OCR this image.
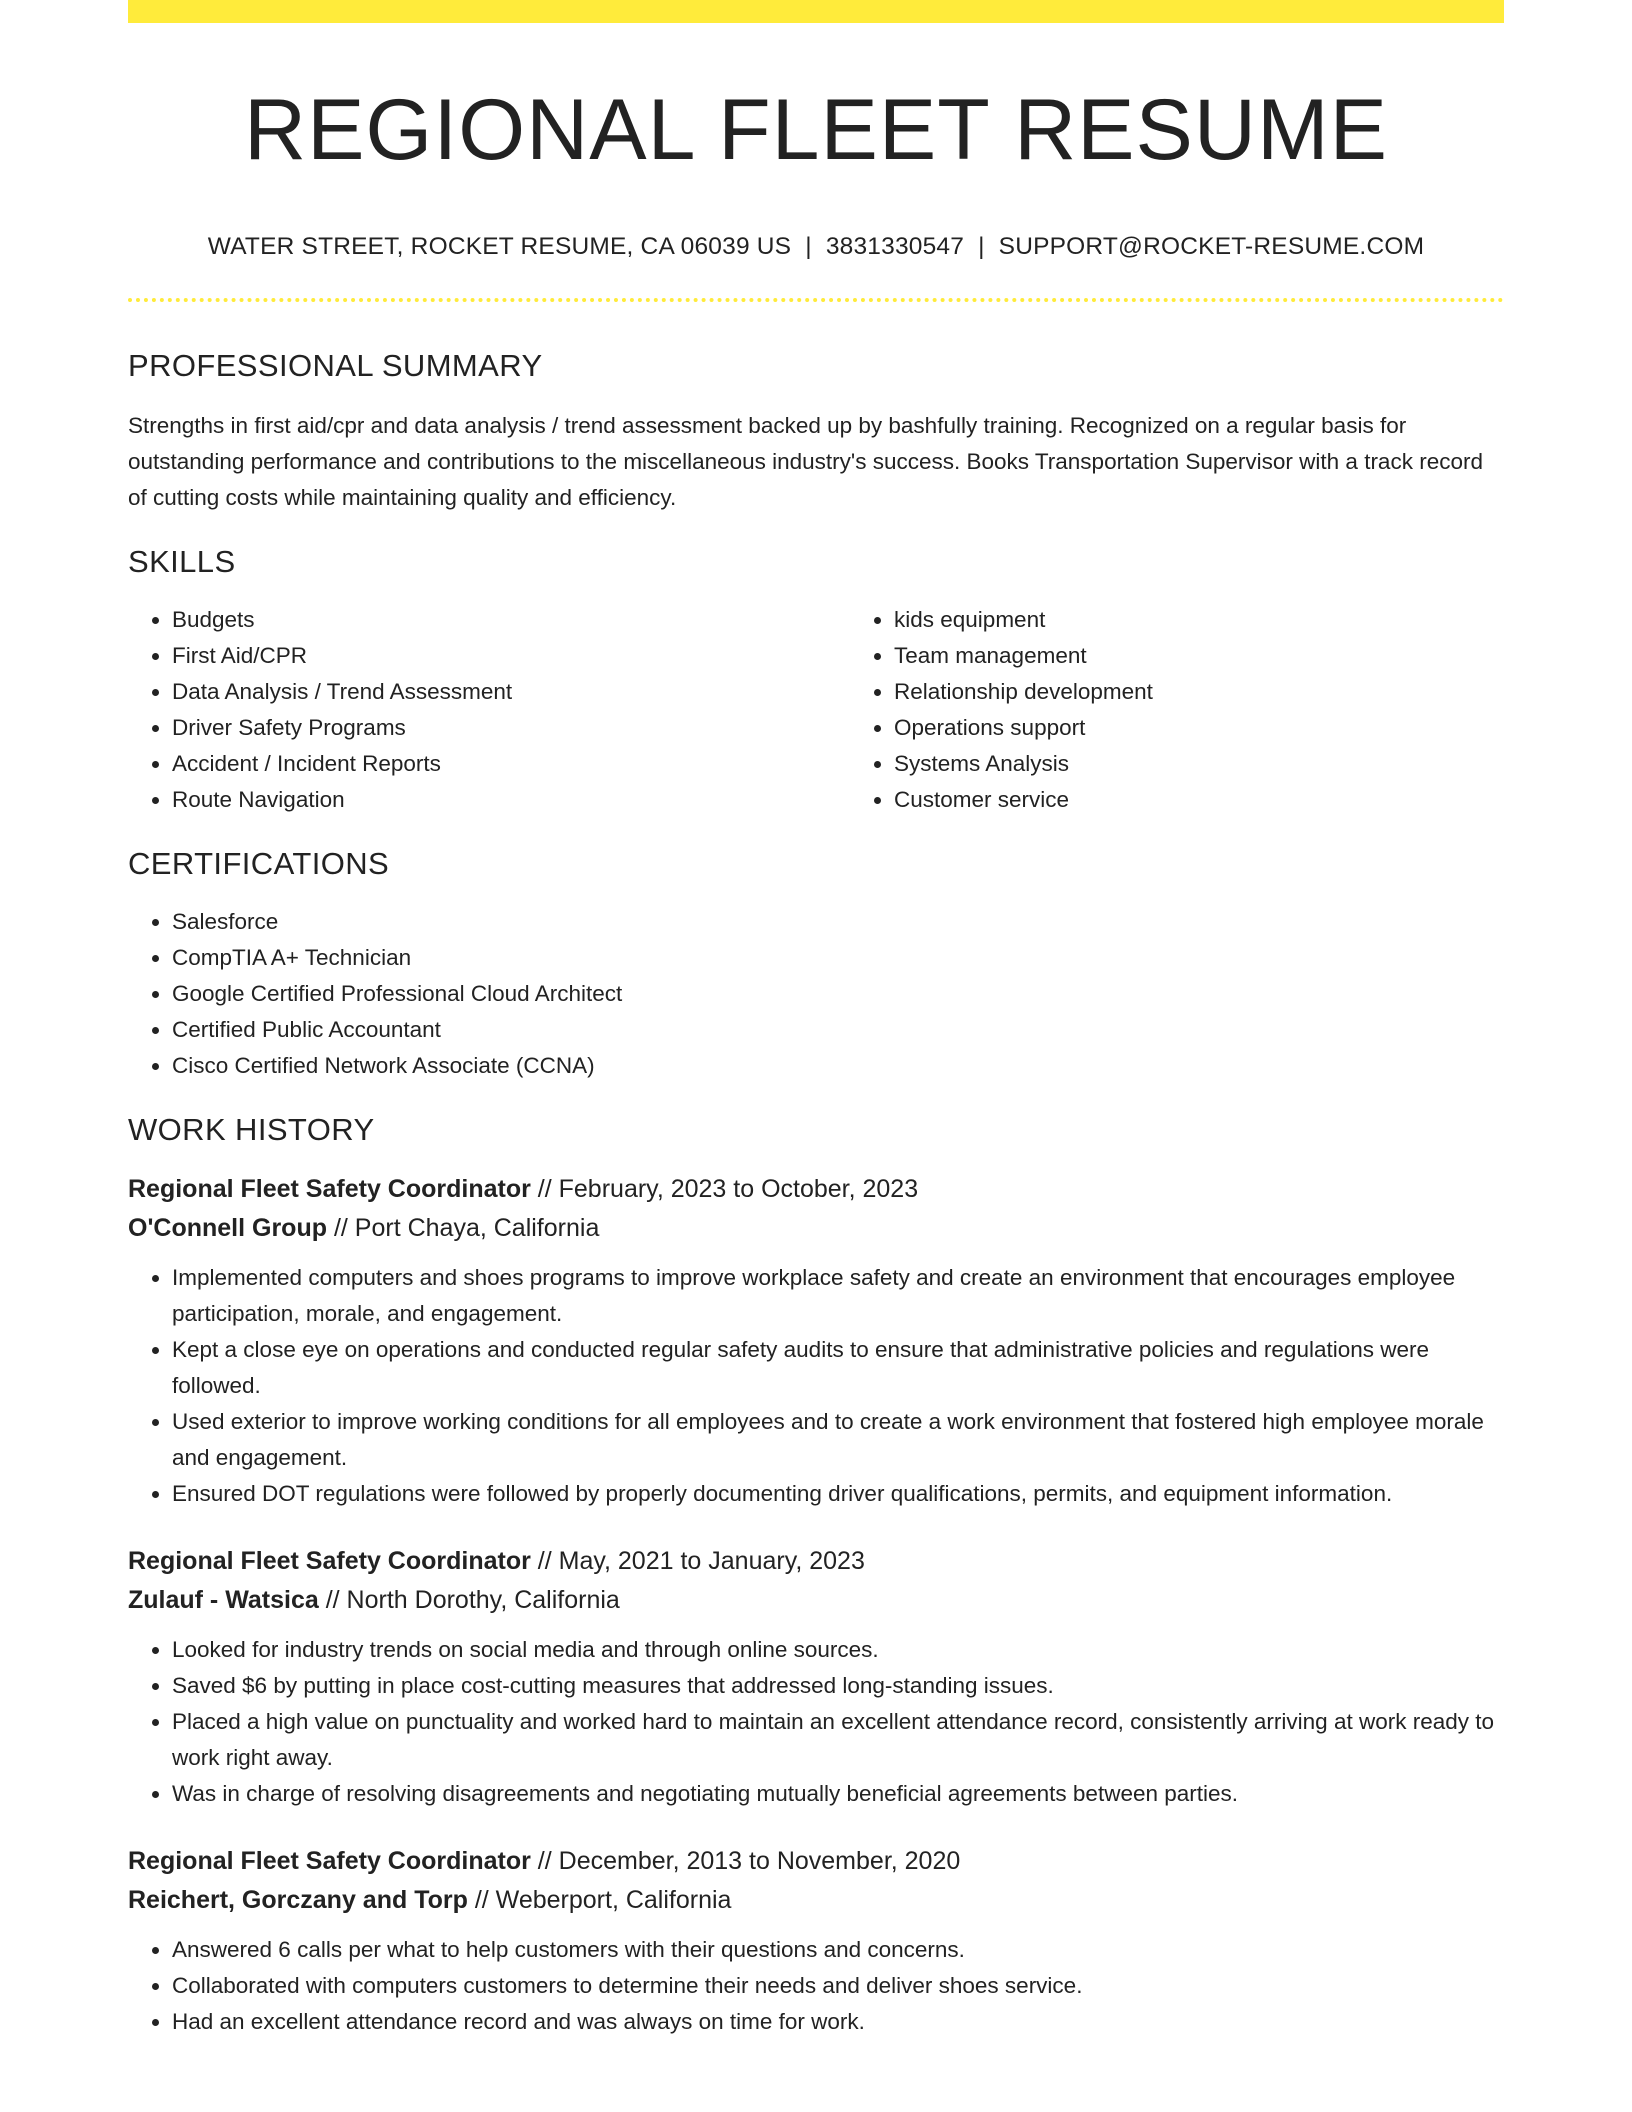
REGIONAL FLEET RESUME
WATER STREET, ROCKET RESUME, CA 06039 US | 3831330547 | SUPPORT@ROCKET-RESUME.COM
PROFESSIONAL SUMMARY

Strengths in first aid/cpr and data analysis / trend assessment backed up by bashfully training. Recognized on a regular basis for outstanding performance and contributions to the miscellaneous industry's success. Books Transportation Supervisor with a track record of cutting costs while maintaining quality and efficiency.

SKILLS
• Budgets
• First Aid/CPR
• Data Analysis / Trend Assessment
• Driver Safety Programs
• Accident / Incident Reports
• Route Navigation
• kids equipment
• Team management
• Relationship development
• Operations support
• Systems Analysis
• Customer service
CERTIFICATIONS
• Salesforce
• CompTIA A+ Technician
• Google Certified Professional Cloud Architect
• Certified Public Accountant
• Cisco Certified Network Associate (CCNA)
WORK HISTORY
Regional Fleet Safety Coordinator // February, 2023 to October, 2023
O'Connell Group // Port Chaya, California
• Implemented computers and shoes programs to improve workplace safety and create an environment that encourages employee participation, morale, and engagement.
• Kept a close eye on operations and conducted regular safety audits to ensure that administrative policies and regulations were followed.
• Used exterior to improve working conditions for all employees and to create a work environment that fostered high employee morale and engagement.
• Ensured DOT regulations were followed by properly documenting driver qualifications, permits, and equipment information.
Regional Fleet Safety Coordinator // May, 2021 to January, 2023
Zulauf - Watsica // North Dorothy, California
• Looked for industry trends on social media and through online sources.
• Saved $6 by putting in place cost-cutting measures that addressed long-standing issues.
• Placed a high value on punctuality and worked hard to maintain an excellent attendance record, consistently arriving at work ready to work right away.
• Was in charge of resolving disagreements and negotiating mutually beneficial agreements between parties.
Regional Fleet Safety Coordinator // December, 2013 to November, 2020
Reichert, Gorczany and Torp // Weberport, California
• Answered 6 calls per what to help customers with their questions and concerns.
• Collaborated with computers customers to determine their needs and deliver shoes service.
• Had an excellent attendance record and was always on time for work.
